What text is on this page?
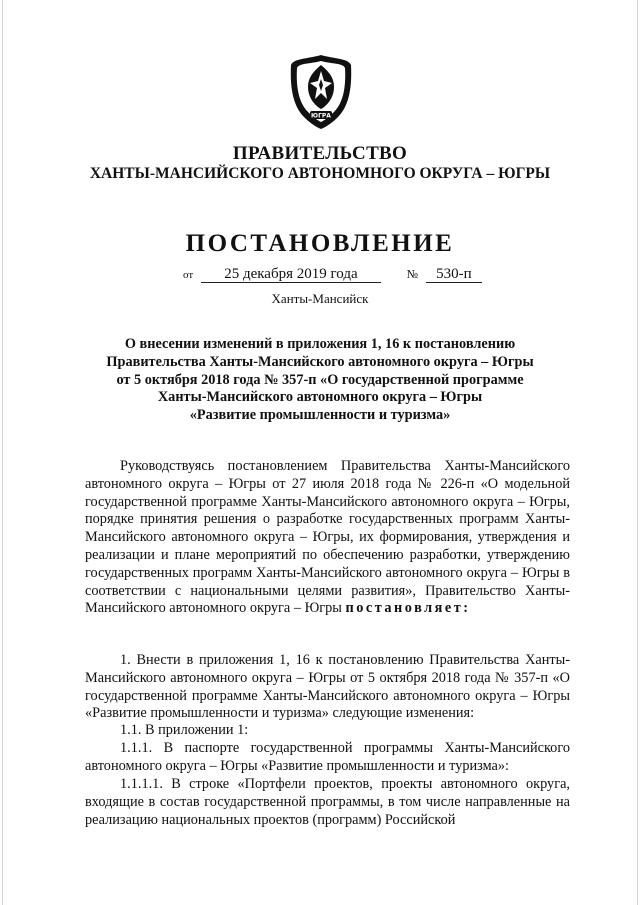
ЮГРА
ПРАВИТЕЛЬСТВО
ХАНТЫ-МАНСИЙСКОГО АВТОНОМНОГО ОКРУГА – ЮГРЫ
ПОСТАНОВЛЕНИЕ
от 25 декабря 2019 года	№ 530-п
Ханты-Мансийск
О внесении изменений в приложения 1, 16 к постановлению
Правительства Ханты-Мансийского автономного округа – Югры
от 5 октября 2018 года № 357-п «О государственной программе
Ханты-Мансийского автономного округа – Югры
«Развитие промышленности и туризма»
Руководствуясь постановлением Правительства Ханты-Мансийского автономного округа – Югры от 27 июля 2018 года № 226-п «О модельной государственной программе Ханты-Мансийского автономного округа – Югры, порядке принятия решения о разработке государственных программ Ханты-Мансийского автономного округа – Югры, их формирования, утверждения и реализации и плане мероприятий по обеспечению разработки, утверждению государственных программ Ханты-Мансийского автономного округа – Югры в соответствии с национальными целями развития», Правительство Ханты-Мансийского автономного округа – Югры постановляет:
1. Внести в приложения 1, 16 к постановлению Правительства Ханты-Мансийского автономного округа – Югры от 5 октября 2018 года № 357-п «О государственной программе Ханты-Мансийского автономного округа – Югры «Развитие промышленности и туризма» следующие изменения:
1.1. В приложении 1:
1.1.1. В паспорте государственной программы Ханты-Мансийского автономного округа – Югры «Развитие промышленности и туризма»:
1.1.1.1. В строке «Портфели проектов, проекты автономного округа, входящие в состав государственной программы, в том числе направленные на реализацию национальных проектов (программ) Российской
